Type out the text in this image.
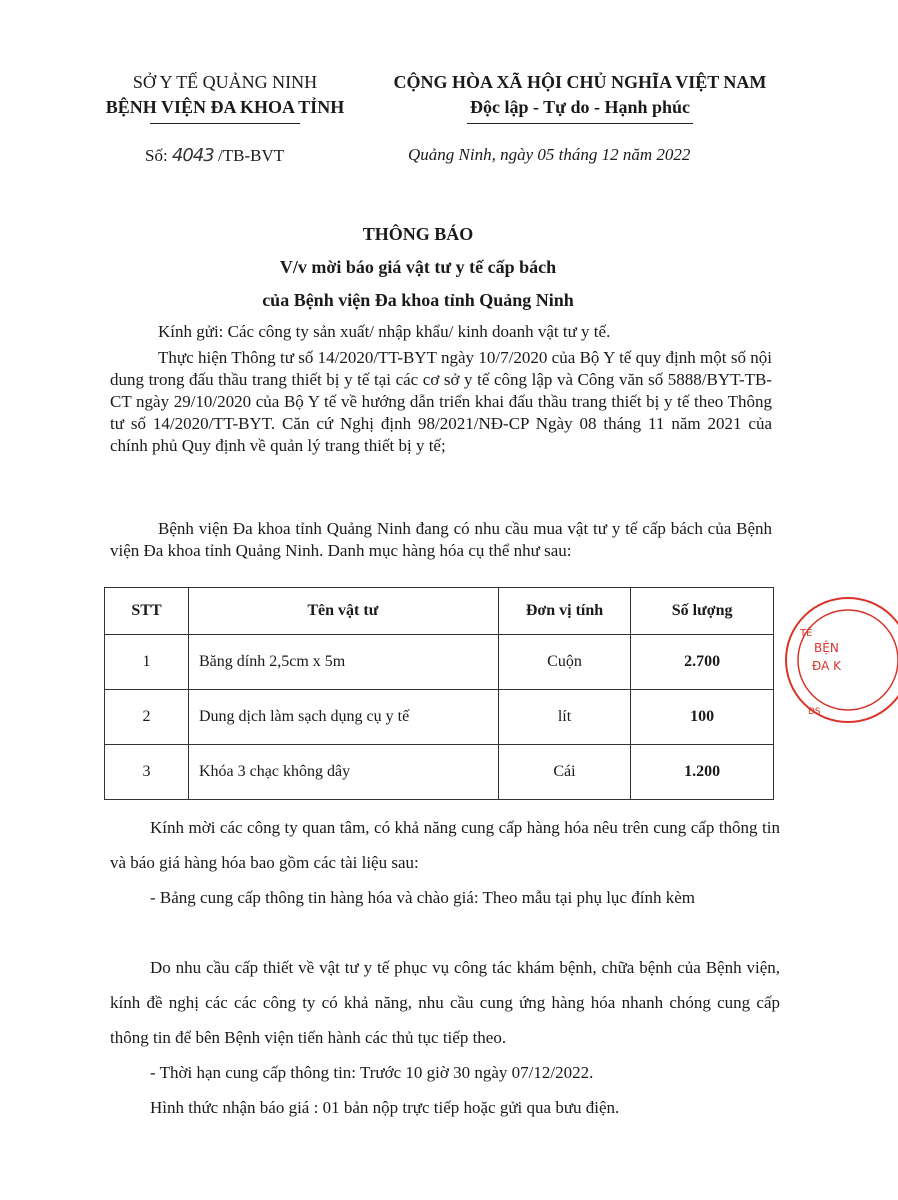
SỞ Y TẾ QUẢNG NINH
BỆNH VIỆN ĐA KHOA TỈNH
CỘNG HÒA XÃ HỘI CHỦ NGHĨA VIỆT NAM
Độc lập - Tự do - Hạnh phúc
Số: 4043 /TB-BVT	Quảng Ninh, ngày 05 tháng 12 năm 2022
THÔNG BÁO
V/v mời báo giá vật tư y tế cấp bách
của Bệnh viện Đa khoa tỉnh Quảng Ninh
Kính gửi: Các công ty sản xuất/ nhập khẩu/ kinh doanh vật tư y tế.
Thực hiện Thông tư số 14/2020/TT-BYT ngày 10/7/2020 của Bộ Y tế quy định một số nội dung trong đấu thầu trang thiết bị y tế tại các cơ sở y tế công lập và Công văn số 5888/BYT-TB-CT ngày 29/10/2020 của Bộ Y tế về hướng dẫn triển khai đấu thầu trang thiết bị y tế theo Thông tư số 14/2020/TT-BYT. Căn cứ Nghị định 98/2021/NĐ-CP Ngày 08 tháng 11 năm 2021 của chính phủ Quy định về quản lý trang thiết bị y tế;
Bệnh viện Đa khoa tỉnh Quảng Ninh đang có nhu cầu mua vật tư y tế cấp bách của Bệnh viện Đa khoa tỉnh Quảng Ninh. Danh mục hàng hóa cụ thể như sau:
STT	Tên vật tư	Đơn vị tính	Số lượng
1	Băng dính 2,5cm x 5m	Cuộn	2.700
2	Dung dịch làm sạch dụng cụ y tế	lít	100
3	Khóa 3 chạc không dây	Cái	1.200
TẾ
BỆN
ĐA K
DS
Kính mời các công ty quan tâm, có khả năng cung cấp hàng hóa nêu trên cung cấp thông tin và báo giá hàng hóa bao gồm các tài liệu sau:
- Bảng cung cấp thông tin hàng hóa và chào giá: Theo mẫu tại phụ lục đính kèm
Do nhu cầu cấp thiết về vật tư y tế phục vụ công tác khám bệnh, chữa bệnh của Bệnh viện, kính đề nghị các các công ty có khả năng, nhu cầu cung ứng hàng hóa nhanh chóng cung cấp thông tin để bên Bệnh viện tiến hành các thủ tục tiếp theo.
- Thời hạn cung cấp thông tin: Trước 10 giờ 30 ngày 07/12/2022.
Hình thức nhận báo giá : 01 bản nộp trực tiếp hoặc gửi qua bưu điện.
